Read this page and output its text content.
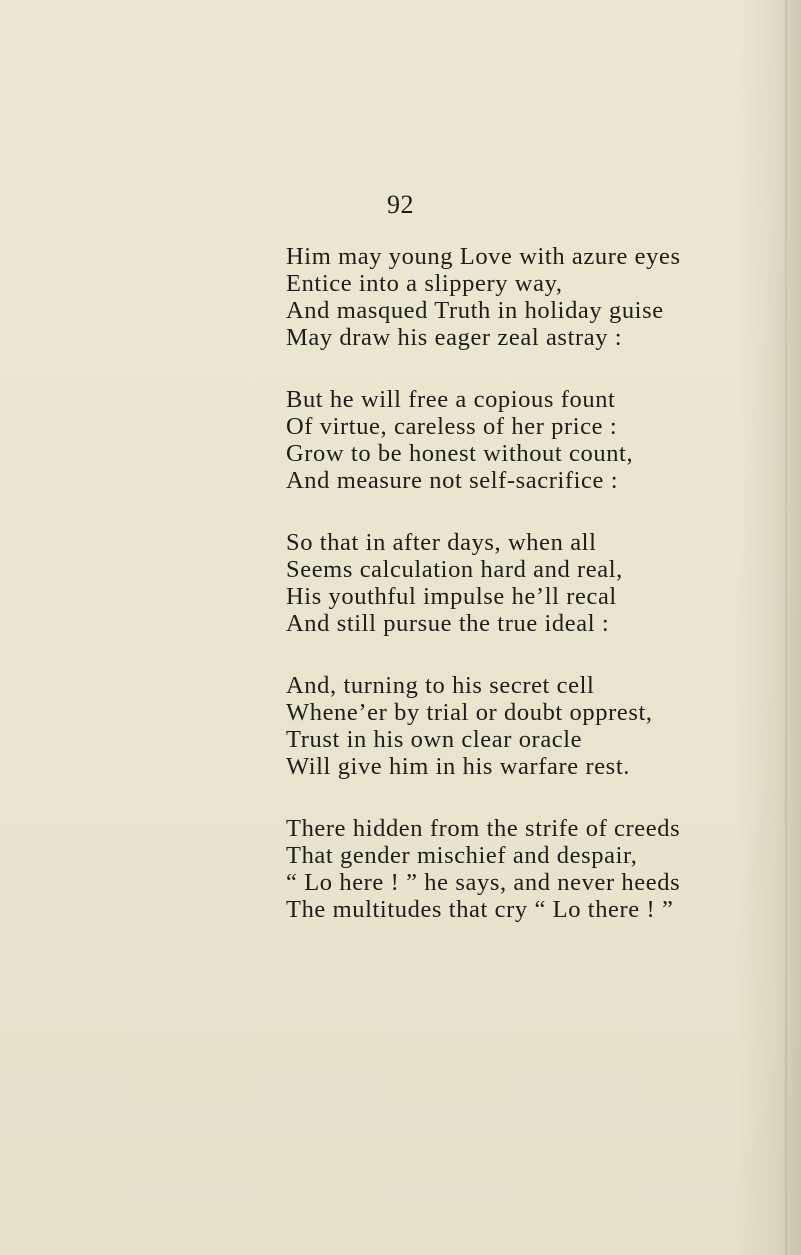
92
Him may young Love with azure eyes
Entice into a slippery way,
And masqued Truth in holiday guise
May draw his eager zeal astray :
But he will free a copious fount
Of virtue, careless of her price :
Grow to be honest without count,
And measure not self-sacrifice :
So that in after days, when all
Seems calculation hard and real,
His youthful impulse he’ll recal
And still pursue the true ideal :
And, turning to his secret cell
Whene’er by trial or doubt opprest,
Trust in his own clear oracle
Will give him in his warfare rest.
There hidden from the strife of creeds
That gender mischief and despair,
“ Lo here ! ” he says, and never heeds
The multitudes that cry “ Lo there ! ”
